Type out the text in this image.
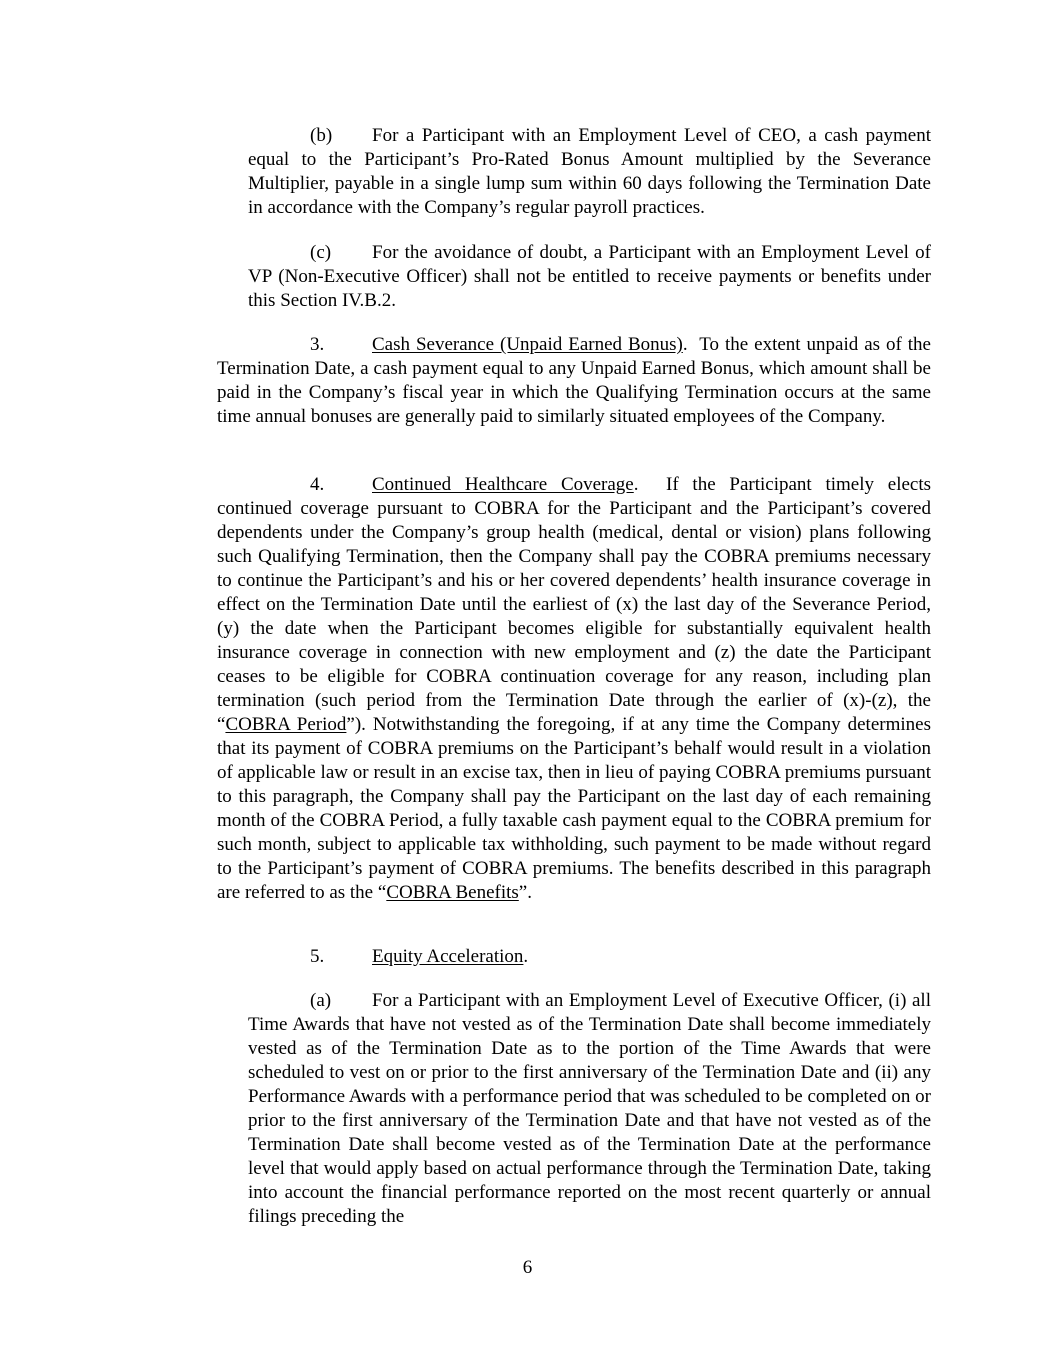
(b) For a Participant with an Employment Level of CEO, a cash payment equal to the Participant’s Pro-Rated Bonus Amount multiplied by the Severance Multiplier, payable in a single lump sum within 60 days following the Termination Date in accordance with the Company’s regular payroll practices.

(c) For the avoidance of doubt, a Participant with an Employment Level of VP (Non-Executive Officer) shall not be entitled to receive payments or benefits under this Section IV.B.2.

3.	Cash Severance (Unpaid Earned Bonus). To the extent unpaid as of the Termination Date, a cash payment equal to any Unpaid Earned Bonus, which amount shall be paid in the Company’s fiscal year in which the Qualifying Termination occurs at the same time annual bonuses are generally paid to similarly situated employees of the Company.

4.	Continued Healthcare Coverage. If the Participant timely elects continued coverage pursuant to COBRA for the Participant and the Participant’s covered dependents under the Company’s group health (medical, dental or vision) plans following such Qualifying Termination, then the Company shall pay the COBRA premiums necessary to continue the Participant’s and his or her covered dependents’ health insurance coverage in effect on the Termination Date until the earliest of (x) the last day of the Severance Period, (y) the date when the Participant becomes eligible for substantially equivalent health insurance coverage in connection with new employment and (z) the date the Participant ceases to be eligible for COBRA continuation coverage for any reason, including plan termination (such period from the Termination Date through the earlier of (x)-(z), the “COBRA Period”). Notwithstanding the foregoing, if at any time the Company determines that its payment of COBRA premiums on the Participant’s behalf would result in a violation of applicable law or result in an excise tax, then in lieu of paying COBRA premiums pursuant to this paragraph, the Company shall pay the Participant on the last day of each remaining month of the COBRA Period, a fully taxable cash payment equal to the COBRA premium for such month, subject to applicable tax withholding, such payment to be made without regard to the Participant’s payment of COBRA premiums. The benefits described in this paragraph are referred to as the “COBRA Benefits”.

5.	Equity Acceleration.

(a) For a Participant with an Employment Level of Executive Officer, (i) all Time Awards that have not vested as of the Termination Date shall become immediately vested as of the Termination Date as to the portion of the Time Awards that were scheduled to vest on or prior to the first anniversary of the Termination Date and (ii) any Performance Awards with a performance period that was scheduled to be completed on or prior to the first anniversary of the Termination Date and that have not vested as of the Termination Date shall become vested as of the Termination Date at the performance level that would apply based on actual performance through the Termination Date, taking into account the financial performance reported on the most recent quarterly or annual filings preceding the

6
